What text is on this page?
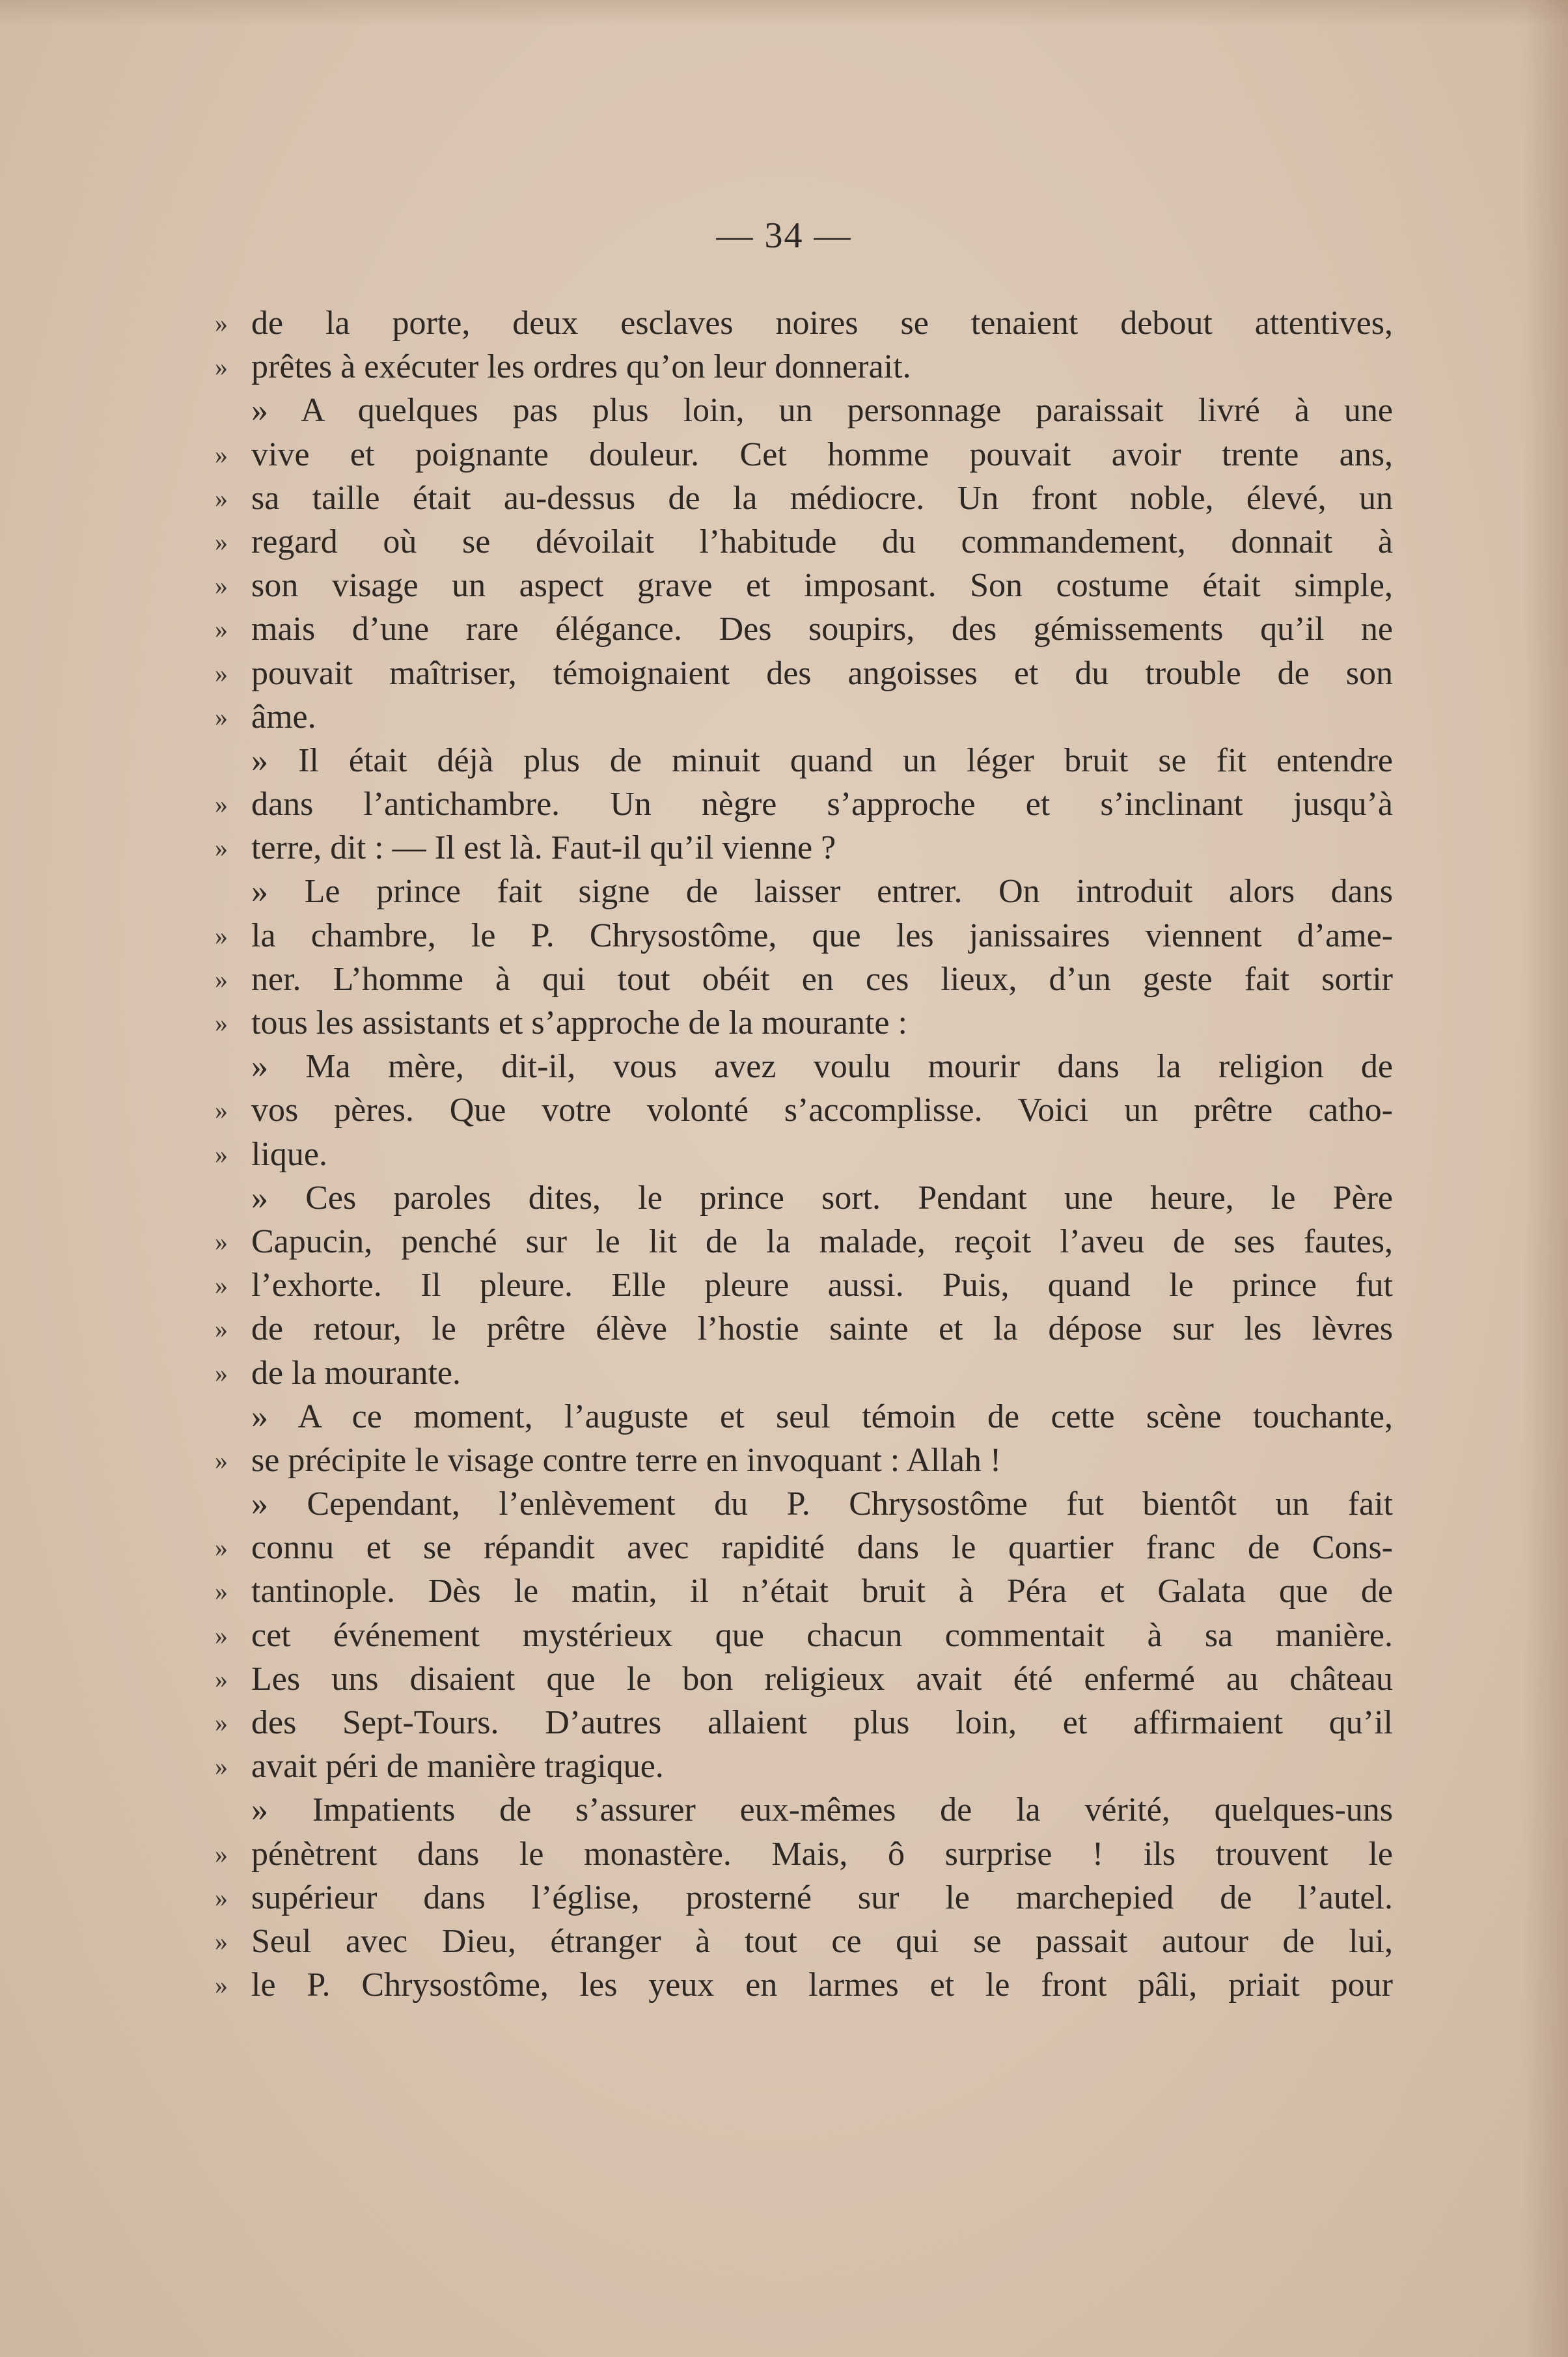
— 34 —
» de la porte, deux esclaves noires se tenaient debout attentives,
» prêtes à exécuter les ordres qu’on leur donnerait.
» A quelques pas plus loin, un personnage paraissait livré à une
» vive et poignante douleur. Cet homme pouvait avoir trente ans,
» sa taille était au-dessus de la médiocre. Un front noble, élevé, un
» regard où se dévoilait l’habitude du commandement, donnait à
» son visage un aspect grave et imposant. Son costume était simple,
» mais d’une rare élégance. Des soupirs, des gémissements qu’il ne
» pouvait maîtriser, témoignaient des angoisses et du trouble de son
» âme.
» Il était déjà plus de minuit quand un léger bruit se fit entendre
» dans l’antichambre. Un nègre s’approche et s’inclinant jusqu’à
» terre, dit : — Il est là. Faut-il qu’il vienne ?
» Le prince fait signe de laisser entrer. On introduit alors dans
» la chambre, le P. Chrysostôme, que les janissaires viennent d’ame-
» ner. L’homme à qui tout obéit en ces lieux, d’un geste fait sortir
» tous les assistants et s’approche de la mourante :
» Ma mère, dit-il, vous avez voulu mourir dans la religion de
» vos pères. Que votre volonté s’accomplisse. Voici un prêtre catho-
» lique.
» Ces paroles dites, le prince sort. Pendant une heure, le Père
» Capucin, penché sur le lit de la malade, reçoit l’aveu de ses fautes,
» l’exhorte. Il pleure. Elle pleure aussi. Puis, quand le prince fut
» de retour, le prêtre élève l’hostie sainte et la dépose sur les lèvres
» de la mourante.
» A ce moment, l’auguste et seul témoin de cette scène touchante,
» se précipite le visage contre terre en invoquant : Allah !
» Cependant, l’enlèvement du P. Chrysostôme fut bientôt un fait
» connu et se répandit avec rapidité dans le quartier franc de Cons-
» tantinople. Dès le matin, il n’était bruit à Péra et Galata que de
» cet événement mystérieux que chacun commentait à sa manière.
» Les uns disaient que le bon religieux avait été enfermé au château
» des Sept-Tours. D’autres allaient plus loin, et affirmaient qu’il
» avait péri de manière tragique.
» Impatients de s’assurer eux-mêmes de la vérité, quelques-uns
» pénètrent dans le monastère. Mais, ô surprise ! ils trouvent le
» supérieur dans l’église, prosterné sur le marchepied de l’autel.
» Seul avec Dieu, étranger à tout ce qui se passait autour de lui,
» le P. Chrysostôme, les yeux en larmes et le front pâli, priait pour
